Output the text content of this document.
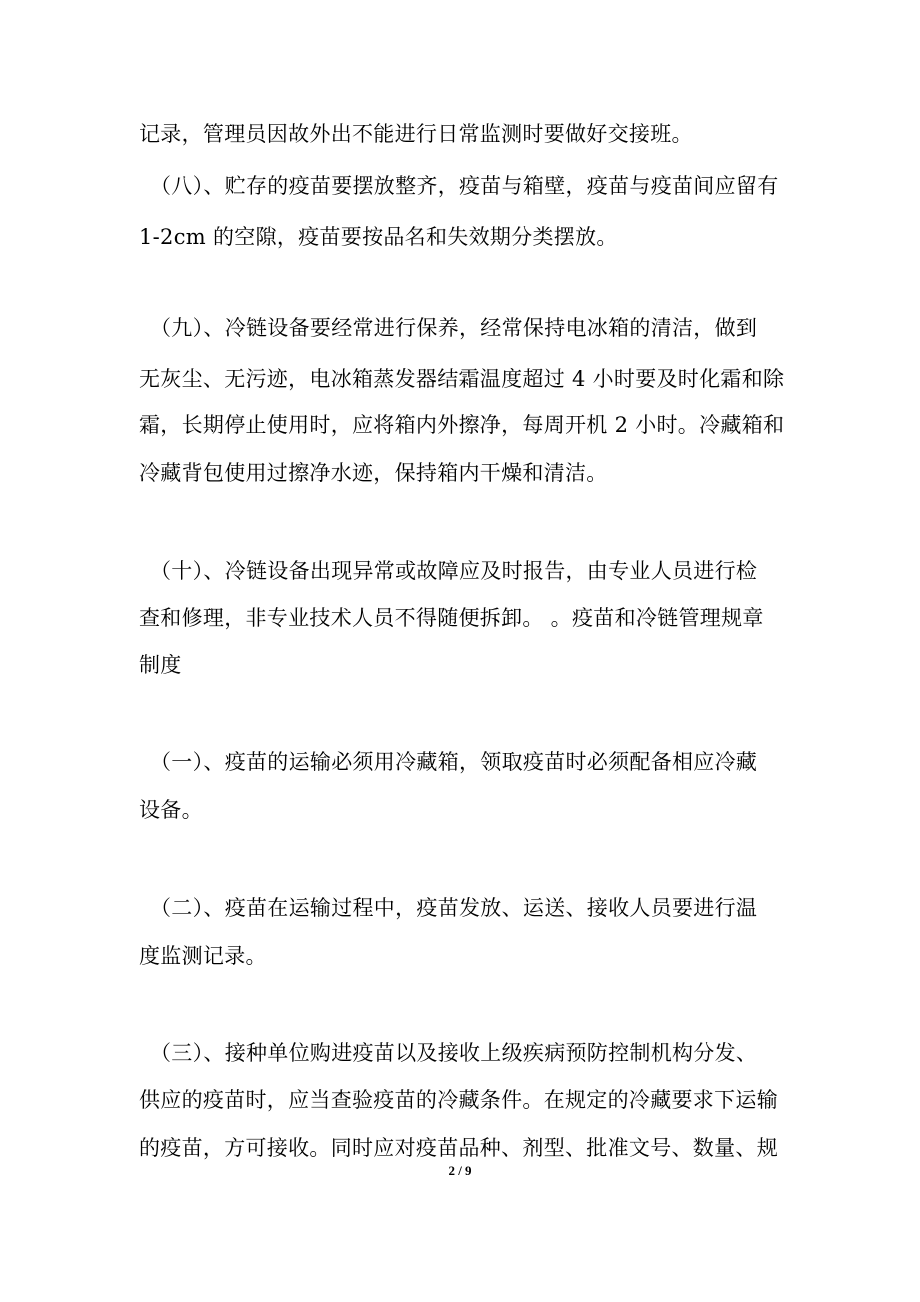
记录，管理员因故外出不能进行日常监测时要做好交接班。
（八）、贮存的疫苗要摆放整齐，疫苗与箱壁，疫苗与疫苗间应留有
1-2cm 的空隙，疫苗要按品名和失效期分类摆放。
（九）、冷链设备要经常进行保养，经常保持电冰箱的清洁，做到
无灰尘、无污迹，电冰箱蒸发器结霜温度超过 4 小时要及时化霜和除
霜，长期停止使用时，应将箱内外擦净，每周开机 2 小时。冷藏箱和
冷藏背包使用过擦净水迹，保持箱内干燥和清洁。
（十）、冷链设备出现异常或故障应及时报告，由专业人员进行检
查和修理，非专业技术人员不得随便拆卸。 。疫苗和冷链管理规章
制度
（一）、疫苗的运输必须用冷藏箱，领取疫苗时必须配备相应冷藏
设备。
（二）、疫苗在运输过程中，疫苗发放、运送、接收人员要进行温
度监测记录。
（三）、接种单位购进疫苗以及接收上级疾病预防控制机构分发、
供应的疫苗时，应当查验疫苗的冷藏条件。在规定的冷藏要求下运输
的疫苗，方可接收。同时应对疫苗品种、剂型、批准文号、数量、规
2 / 9
